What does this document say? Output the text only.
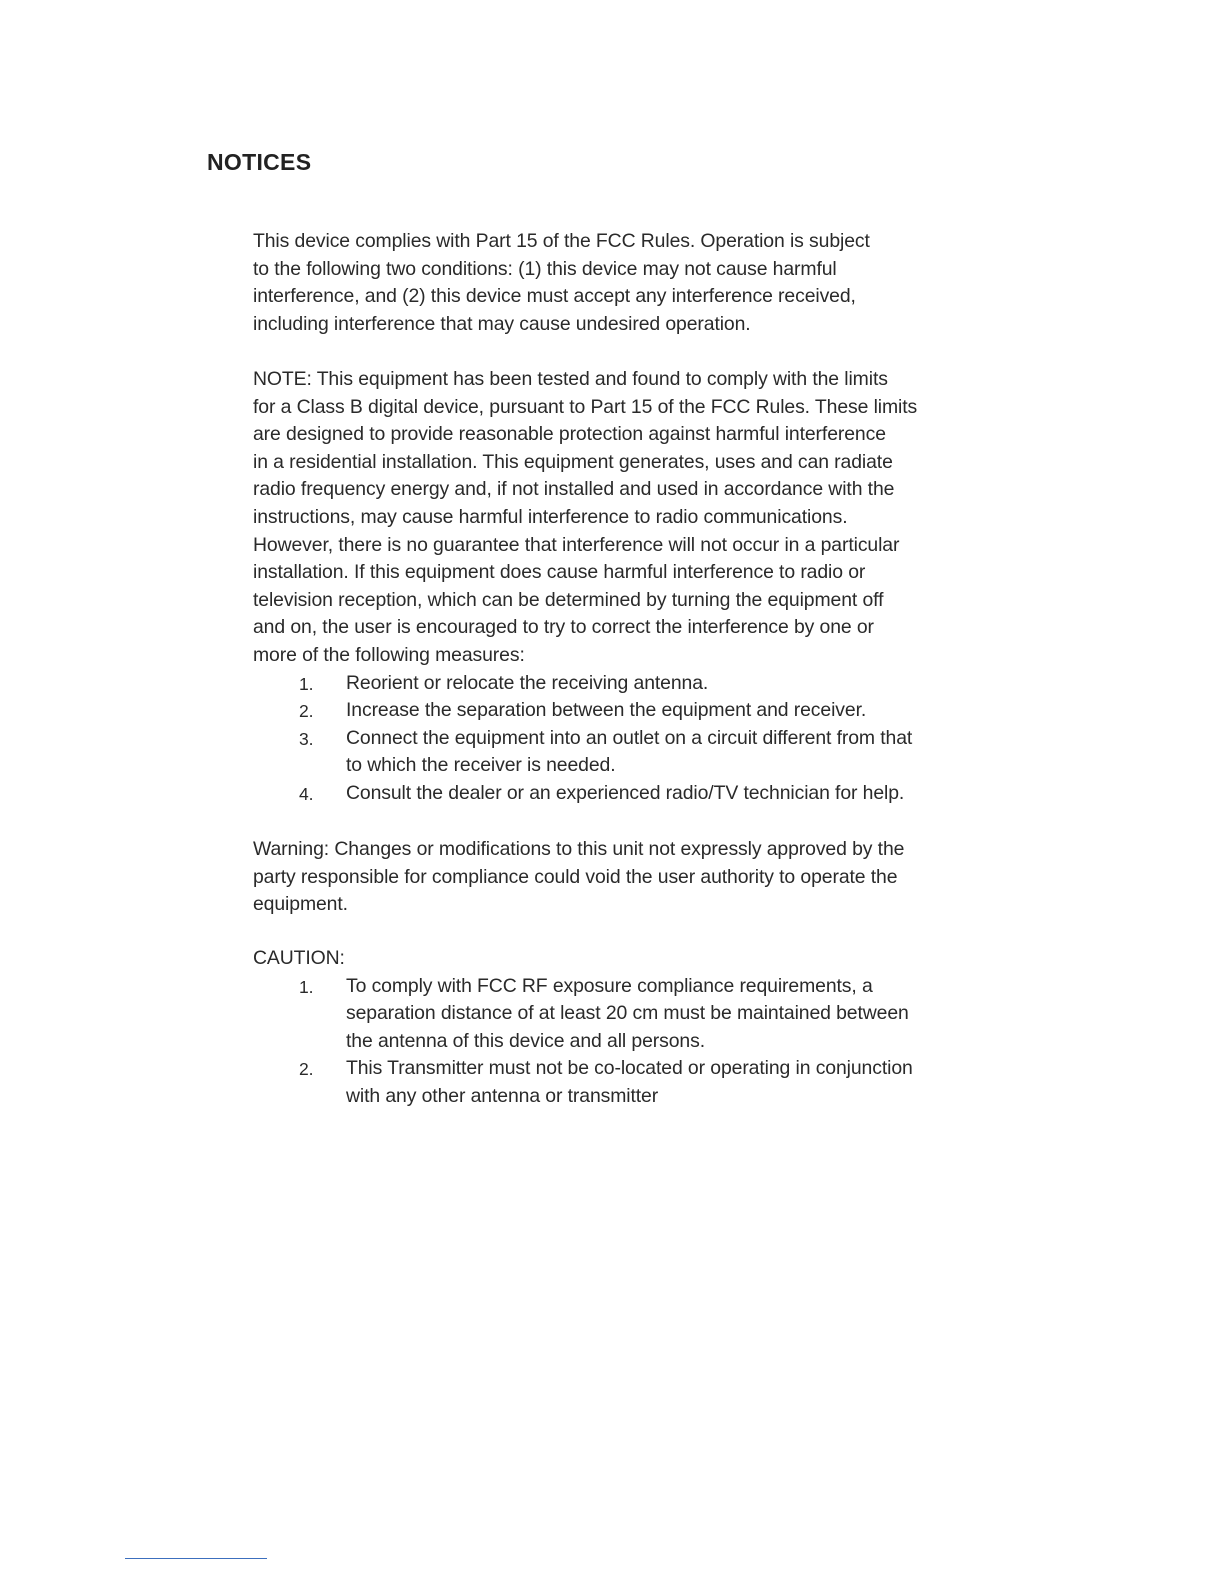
NOTICES

This device complies with Part 15 of the FCC Rules. Operation is subject
to the following two conditions: (1) this device may not cause harmful
interference, and (2) this device must accept any interference received,
including interference that may cause undesired operation.

NOTE: This equipment has been tested and found to comply with the limits
for a Class B digital device, pursuant to Part 15 of the FCC Rules. These limits
are designed to provide reasonable protection against harmful interference
in a residential installation. This equipment generates, uses and can radiate
radio frequency energy and, if not installed and used in accordance with the
instructions, may cause harmful interference to radio communications.
However, there is no guarantee that interference will not occur in a particular
installation. If this equipment does cause harmful interference to radio or
television reception, which can be determined by turning the equipment off
and on, the user is encouraged to try to correct the interference by one or
more of the following measures:

1. Reorient or relocate the receiving antenna.
2. Increase the separation between the equipment and receiver.
3. Connect the equipment into an outlet on a circuit different from that
to which the receiver is needed.
4. Consult the dealer or an experienced radio/TV technician for help.

Warning: Changes or modifications to this unit not expressly approved by the
party responsible for compliance could void the user authority to operate the
equipment.

CAUTION:

1. To comply with FCC RF exposure compliance requirements, a
separation distance of at least 20 cm must be maintained between
the antenna of this device and all persons.
2. This Transmitter must not be co-located or operating in conjunction
with any other antenna or transmitter
